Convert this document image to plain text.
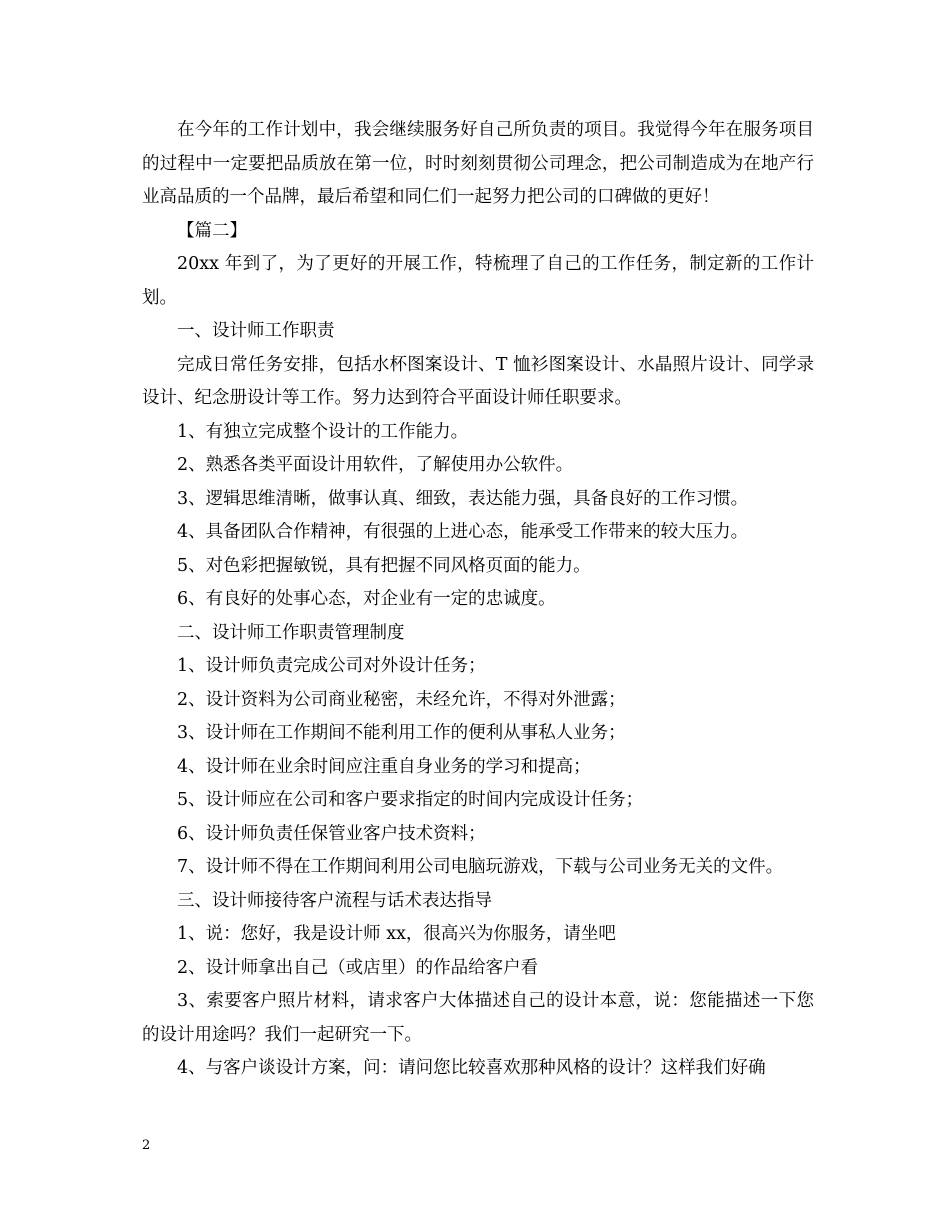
在今年的工作计划中，我会继续服务好自己所负责的项目。我觉得今年在服务项目的过程中一定要把品质放在第一位，时时刻刻贯彻公司理念，把公司制造成为在地产行业高品质的一个品牌，最后希望和同仁们一起努力把公司的口碑做的更好！

【篇二】

20xx 年到了，为了更好的开展工作，特梳理了自己的工作任务，制定新的工作计划。

一、设计师工作职责

完成日常任务安排，包括水杯图案设计、T 恤衫图案设计、水晶照片设计、同学录设计、纪念册设计等工作。努力达到符合平面设计师任职要求。

1、有独立完成整个设计的工作能力。

2、熟悉各类平面设计用软件，了解使用办公软件。

3、逻辑思维清晰，做事认真、细致，表达能力强，具备良好的工作习惯。

4、具备团队合作精神，有很强的上进心态，能承受工作带来的较大压力。

5、对色彩把握敏锐，具有把握不同风格页面的能力。

6、有良好的处事心态，对企业有一定的忠诚度。

二、设计师工作职责管理制度

1、设计师负责完成公司对外设计任务；

2、设计资料为公司商业秘密，未经允许，不得对外泄露；

3、设计师在工作期间不能利用工作的便利从事私人业务；

4、设计师在业余时间应注重自身业务的学习和提高；

5、设计师应在公司和客户要求指定的时间内完成设计任务；

6、设计师负责任保管业客户技术资料；

7、设计师不得在工作期间利用公司电脑玩游戏，下载与公司业务无关的文件。

三、设计师接待客户流程与话术表达指导

1、说：您好，我是设计师 xx，很高兴为你服务，请坐吧

2、设计师拿出自己（或店里）的作品给客户看

3、索要客户照片材料，请求客户大体描述自己的设计本意，说：您能描述一下您的设计用途吗？我们一起研究一下。

4、与客户谈设计方案，问：请问您比较喜欢那种风格的设计？这样我们好确

2
